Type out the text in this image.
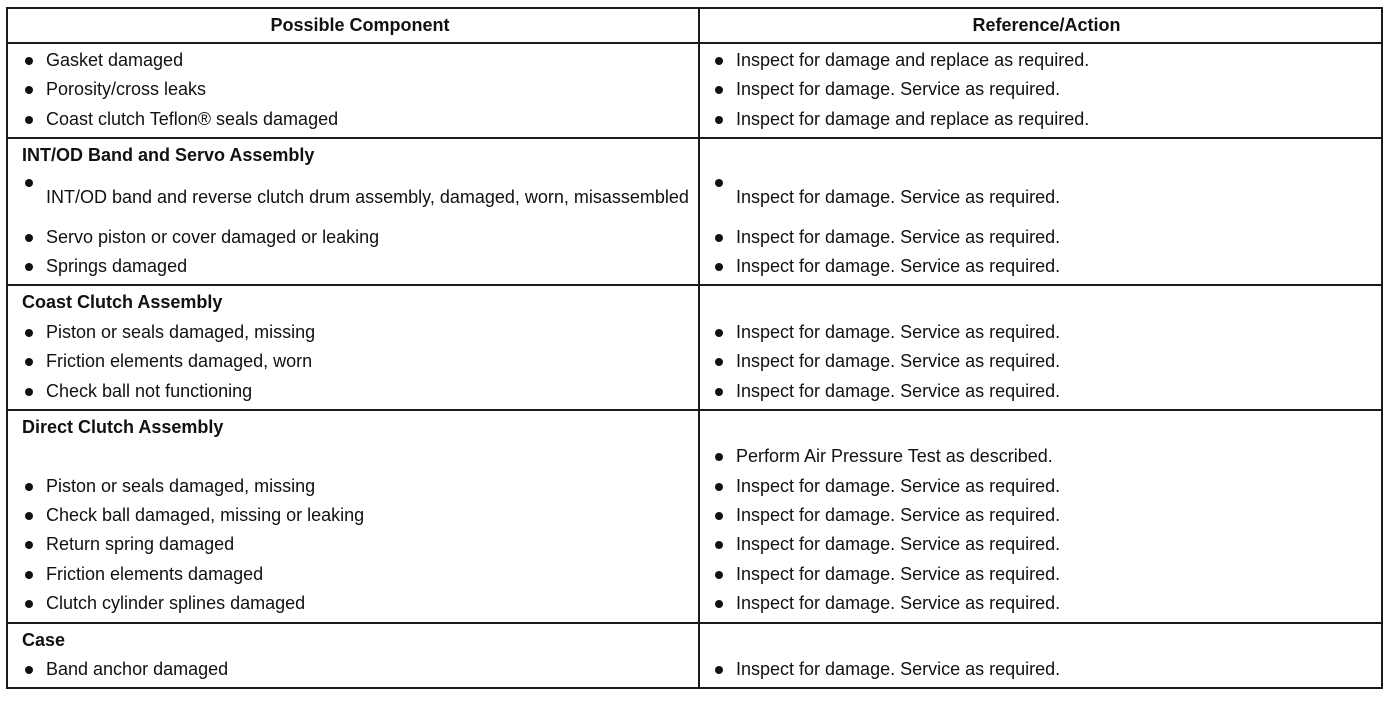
Possible Component	Reference/Action
Gasket damaged
Porosity/cross leaks
Coast clutch Teflon® seals damaged
Inspect for damage and replace as required.
Inspect for damage. Service as required.
Inspect for damage and replace as required.
INT/OD Band and Servo Assembly
INT/OD band and reverse clutch drum assembly, damaged, worn, misassembled
Servo piston or cover damaged or leaking
Springs damaged
Inspect for damage. Service as required.
Inspect for damage. Service as required.
Inspect for damage. Service as required.
Coast Clutch Assembly
Piston or seals damaged, missing
Friction elements damaged, worn
Check ball not functioning
Inspect for damage. Service as required.
Inspect for damage. Service as required.
Inspect for damage. Service as required.
Direct Clutch Assembly
Piston or seals damaged, missing
Check ball damaged, missing or leaking
Return spring damaged
Friction elements damaged
Clutch cylinder splines damaged
Perform Air Pressure Test as described.
Inspect for damage. Service as required.
Inspect for damage. Service as required.
Inspect for damage. Service as required.
Inspect for damage. Service as required.
Inspect for damage. Service as required.
Case
Band anchor damaged	Inspect for damage. Service as required.
